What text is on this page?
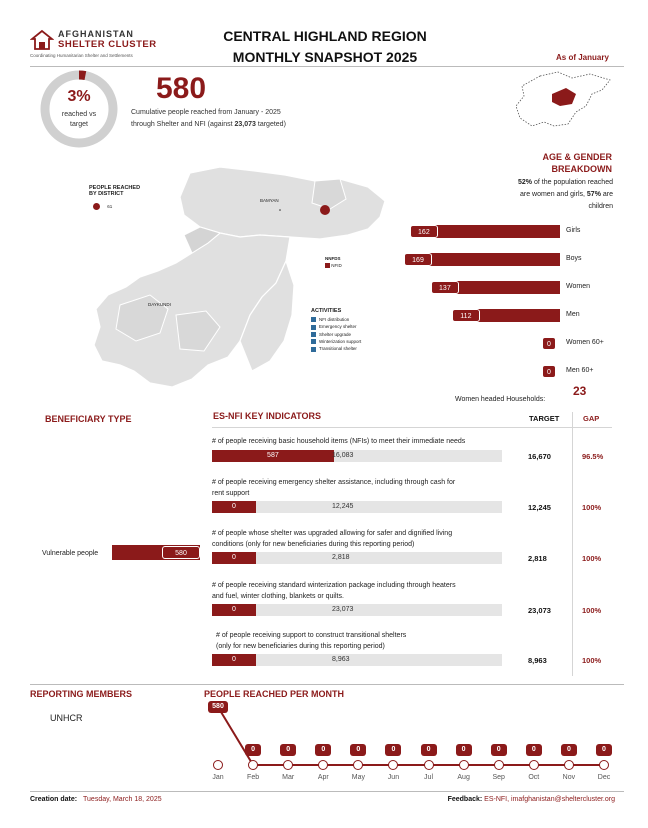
AFGHANISTAN
SHELTER CLUSTER
Coordinating Humanitarian Shelter and Settlements
CENTRAL HIGHLAND REGION
MONTHLY SNAPSHOT 2025	As of January
3%
reached vs
target
580
Cumulative people reached from January - 2025
through Shelter and NFI (against 23,073 targeted)
PEOPLE REACHED
BY DISTRICT
61
BAMYAN
DAYKUNDI
NNFDS
NFID
ACTIVITIES
NFI distribution
Emergency shelter
Shelter upgrade
Winterization support
Transitional shelter
AGE & GENDER
BREAKDOWN
52% of the population reached
are women and girls, 57% are
children
162	Girls
169	Boys
137	Women
112	Men
0	Women 60+
0	Men 60+
Women headed Households:
23
BENEFICIARY TYPE
Vulnerable people	580
ES-NFI KEY INDICATORS	TARGET	GAP
# of people receiving basic household items (NFIs) to meet their immediate needs
587	16,083	16,670	96.5%
# of people receiving emergency shelter assistance, including through cash for
rent support
0	12,245	12,245	100%
# of people whose shelter was upgraded allowing for safer and dignified living
conditions (only for new beneficiaries during this reporting period)
0	2,818	2,818	100%
# of people receiving standard winterization package including through heaters
and fuel, winter clothing, blankets or quilts.
0	23,073	23,073	100%
# of people receiving support to construct transitional shelters
(only for new beneficiaries during this reporting period)
0	8,963	8,963	100%
REPORTING MEMBERS
UNHCR
PEOPLE REACHED PER MONTH
580
Jan
0
Feb
0
Mar
0
Apr
0
May
0
Jun
0
Jul
0
Aug
0
Sep
0
Oct
0
Nov
0
Dec
Creation date: Tuesday, March 18, 2025	Feedback: ES-NFI, imafghanistan@sheltercluster.org
